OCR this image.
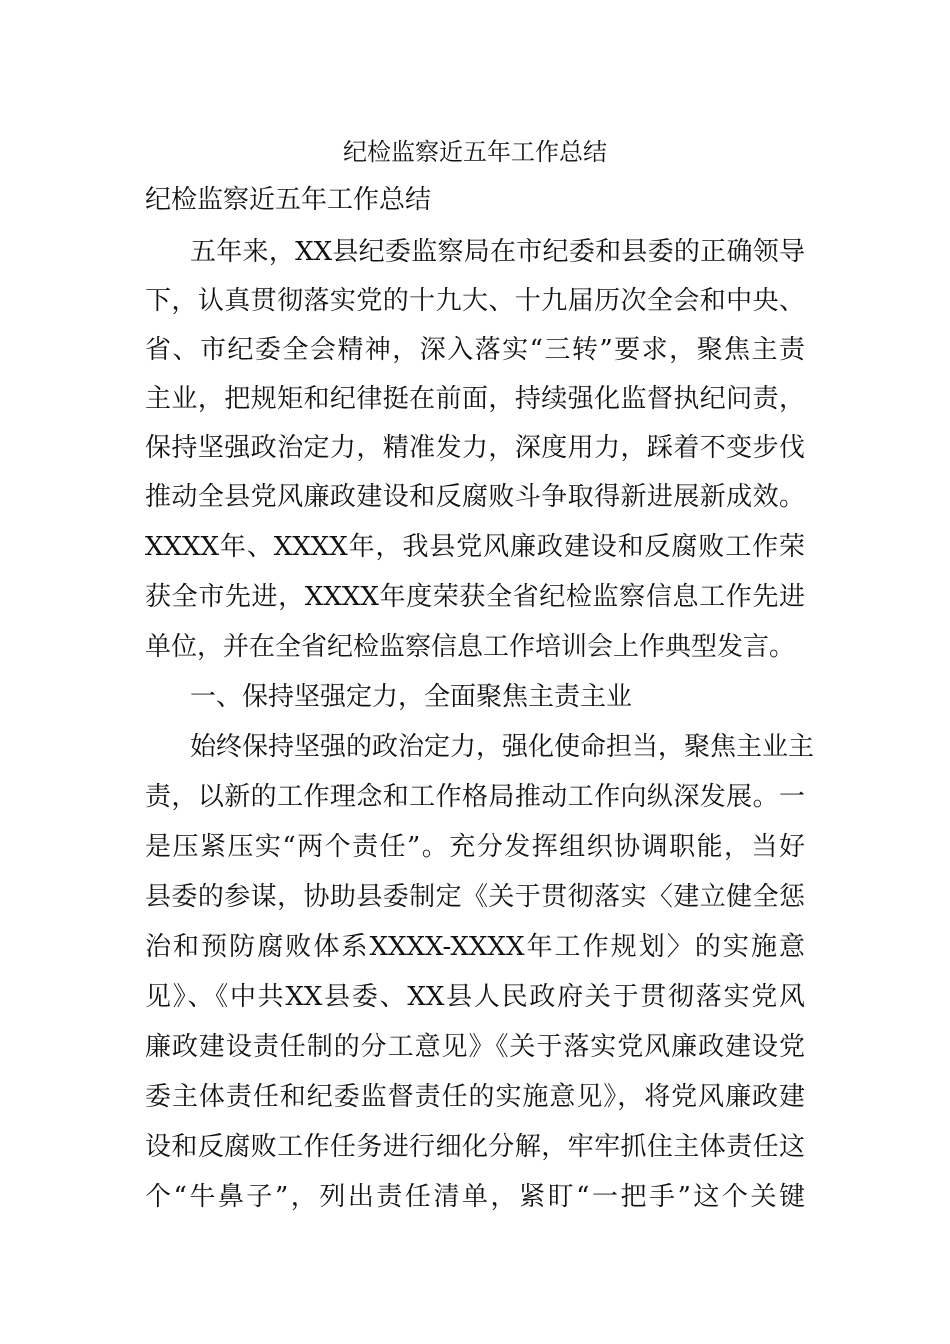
纪检监察近五年工作总结
纪检监察近五年工作总结
五年来，XX县纪委监察局在市纪委和县委的正确领导
下，认真贯彻落实党的十九大、十九届历次全会和中央、
省、市纪委全会精神，深入落实“三转”要求，聚焦主责
主业，把规矩和纪律挺在前面，持续强化监督执纪问责，
保持坚强政治定力，精准发力，深度用力，踩着不变步伐
推动全县党风廉政建设和反腐败斗争取得新进展新成效。
XXXX年、XXXX年，我县党风廉政建设和反腐败工作荣
获全市先进，XXXX年度荣获全省纪检监察信息工作先进
单位，并在全省纪检监察信息工作培训会上作典型发言。
一、保持坚强定力，全面聚焦主责主业
始终保持坚强的政治定力，强化使命担当，聚焦主业主
责，以新的工作理念和工作格局推动工作向纵深发展。一
是压紧压实“两个责任”。充分发挥组织协调职能，当好
县委的参谋，协助县委制定《关于贯彻落实〈建立健全惩
治和预防腐败体系XXXX-XXXX年工作规划〉的实施意
见》、《中共XX县委、XX县人民政府关于贯彻落实党风
廉政建设责任制的分工意见》《关于落实党风廉政建设党
委主体责任和纪委监督责任的实施意见》，将党风廉政建
设和反腐败工作任务进行细化分解，牢牢抓住主体责任这
个“牛鼻子”，列出责任清单，紧盯“一把手”这个关键
